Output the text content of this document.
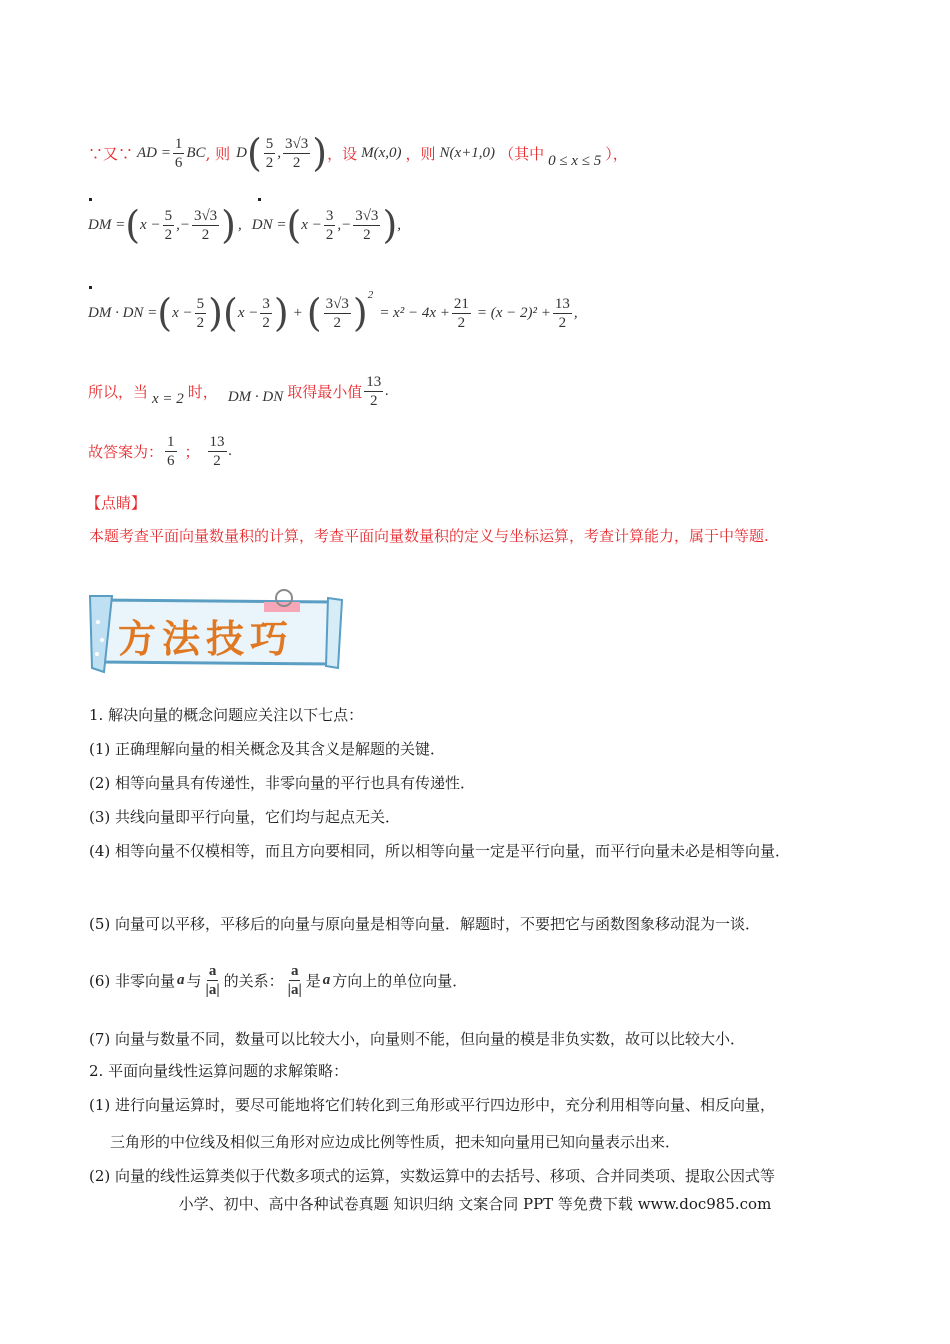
∵又∵ AD = $\frac{1}{6}$ BC , 则 D ( $\frac{5}{2}$ , $\frac{3√3}{2}$ ) ，设 M(x,0) ，则 N(x+1,0) （其中 0 ≤ x ≤ 5 ），
DM = ( $x - \frac{5}{2}$ , − $\frac{3√3}{2}$ ) , DN = ( $x - \frac{3}{2}$ , − $\frac{3√3}{2}$ ) ,
DM · DN = ( $x - \frac{5}{2}$ ) ( $x - \frac{3}{2}$ ) + ( $\frac{3√3}{2}$ ) 2
= $x^2 - 4x + \frac{21}{2} = (x - 2)^2 + \frac{13}{2}$ ,
所以，当 x = 2 时， DM · DN 取得最小值 $\frac{13}{2}$ .
故答案为： $\frac{1}{6}$ ； $\frac{13}{2}$ .
【点睛】
本题考查平面向量数量积的计算，考查平面向量数量积的定义与坐标运算，考查计算能力，属于中等题.
方法技巧
1. 解决向量的概念问题应关注以下七点：
(1) 正确理解向量的相关概念及其含义是解题的关键．
(2) 相等向量具有传递性，非零向量的平行也具有传递性．
(3) 共线向量即平行向量，它们均与起点无关．
(4) 相等向量不仅模相等，而且方向要相同，所以相等向量一定是平行向量，而平行向量未必是相等向量．
(5) 向量可以平移，平移后的向量与原向量是相等向量．解题时，不要把它与函数图象移动混为一谈．
(6) 非零向量 a 与 $\frac{a}{|a|}$ 的关系： $\frac{a}{|a|}$ 是 a 方向上的单位向量．
(7) 向量与数量不同，数量可以比较大小，向量则不能，但向量的模是非负实数，故可以比较大小．
2. 平面向量线性运算问题的求解策略：
(1) 进行向量运算时，要尽可能地将它们转化到三角形或平行四边形中，充分利用相等向量、相反向量，
三角形的中位线及相似三角形对应边成比例等性质，把未知向量用已知向量表示出来．
(2) 向量的线性运算类似于代数多项式的运算，实数运算中的去括号、移项、合并同类项、提取公因式等
小学、初中、高中各种试卷真题 知识归纳 文案合同 PPT 等免费下载 www.doc985.com
